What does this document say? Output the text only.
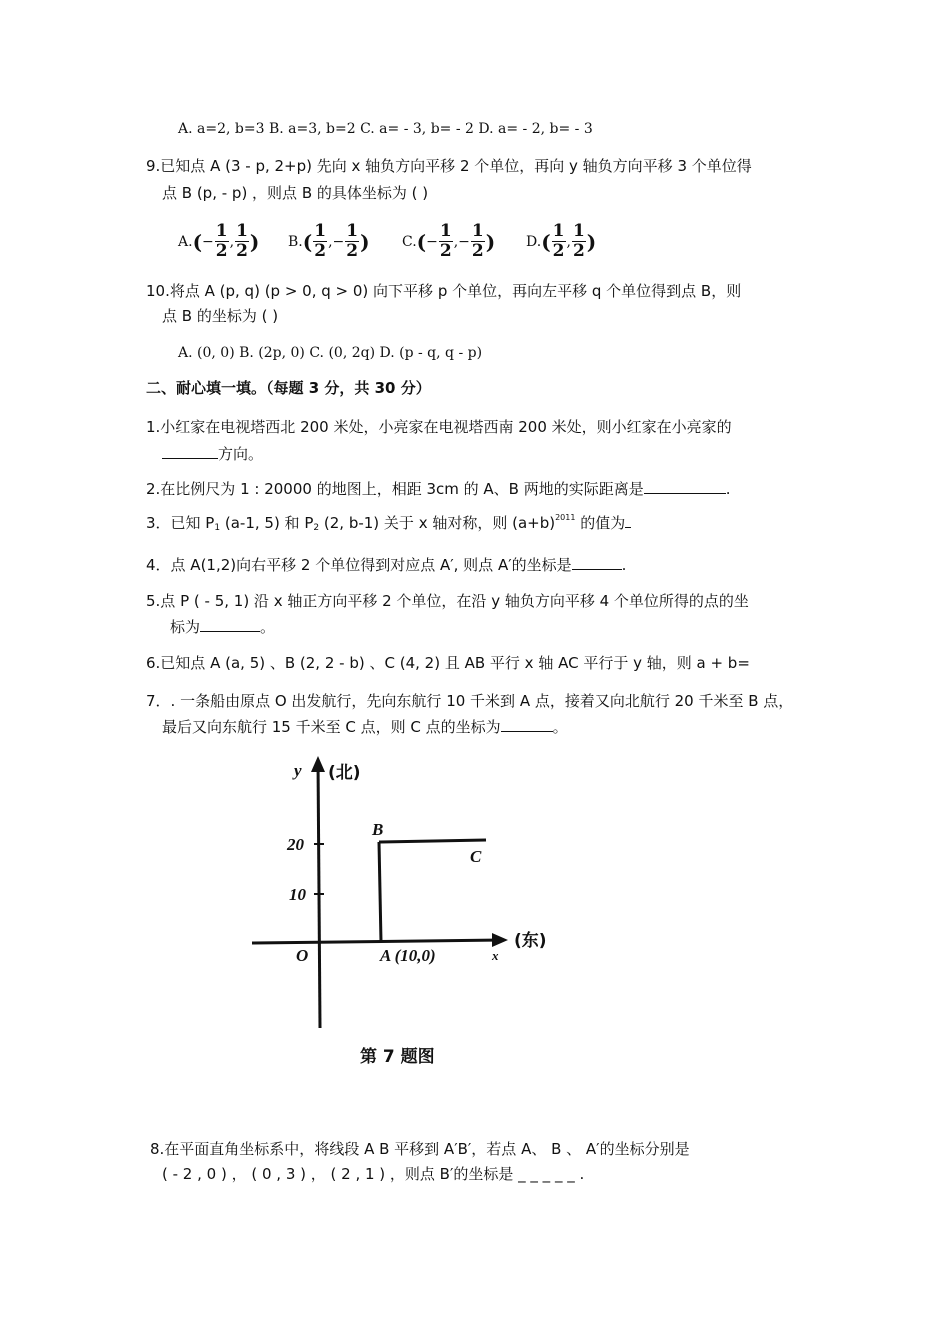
A. a=2, b=3 B. a=3, b=2 C. a= - 3, b= - 2 D. a= - 2, b= - 3
9.已知点 A (3 - p, 2+p) 先向 x 轴负方向平移 2 个单位，再向 y 轴负方向平移 3 个单位得
点 B (p, - p) ，则点 B 的具体坐标为 ( )
A. ( − $\frac{1}{2}$ , $\frac{1}{2}$ ) B. ( $\frac{1}{2}$ ,− $\frac{1}{2}$ ) C. ( − $\frac{1}{2}$ ,− $\frac{1}{2}$ ) D. ( $\frac{1}{2}$ , $\frac{1}{2}$ )
10.将点 A (p, q) (p > 0, q > 0) 向下平移 p 个单位，再向左平移 q 个单位得到点 B，则
点 B 的坐标为 ( )
A. (0, 0) B. (2p, 0) C. (0, 2q) D. (p - q, q - p)
二、耐心填一填。（每题 3 分，共 30 分）
1.小红家在电视塔西北 200 米处，小亮家在电视塔西南 200 米处，则小红家在小亮家的
方向。
2.在比例尺为 1 : 20000 的地图上，相距 3cm 的 A、B 两地的实际距离是	.
3．已知 $P_1$ (a-1, 5) 和 $P_2$ (2, b-1) 关于 x 轴对称，则 $(a+b)^{2011}$ 的值为
4．点 A(1,2)向右平移 2 个单位得到对应点 A′, 则点 A′的坐标是	.
5.点 P ( - 5, 1) 沿 x 轴正方向平移 2 个单位，在沿 y 轴负方向平移 4 个单位所得的点的坐
标为	。
6.已知点 A (a, 5) 、B (2, 2 - b) 、C (4, 2) 且 AB 平行 x 轴 AC 平行于 y 轴，则 a + b=
7．. 一条船由原点 O 出发航行，先向东航行 10 千米到 A 点，接着又向北航行 20 千米至 B 点，
最后又向东航行 15 千米至 C 点，则 C 点的坐标为	。
y (北)
(东)
x
20
10
O
B
C
A (10,0)
第 7 题图
8.在平面直角坐标系中，将线段 A B 平移到 A′B′，若点 A、 B 、 A′的坐标分别是
( - 2 , 0 ) ， ( 0 , 3 ) ， ( 2 , 1 ) ，则点 B′的坐标是 _ _ _ _ _ .
